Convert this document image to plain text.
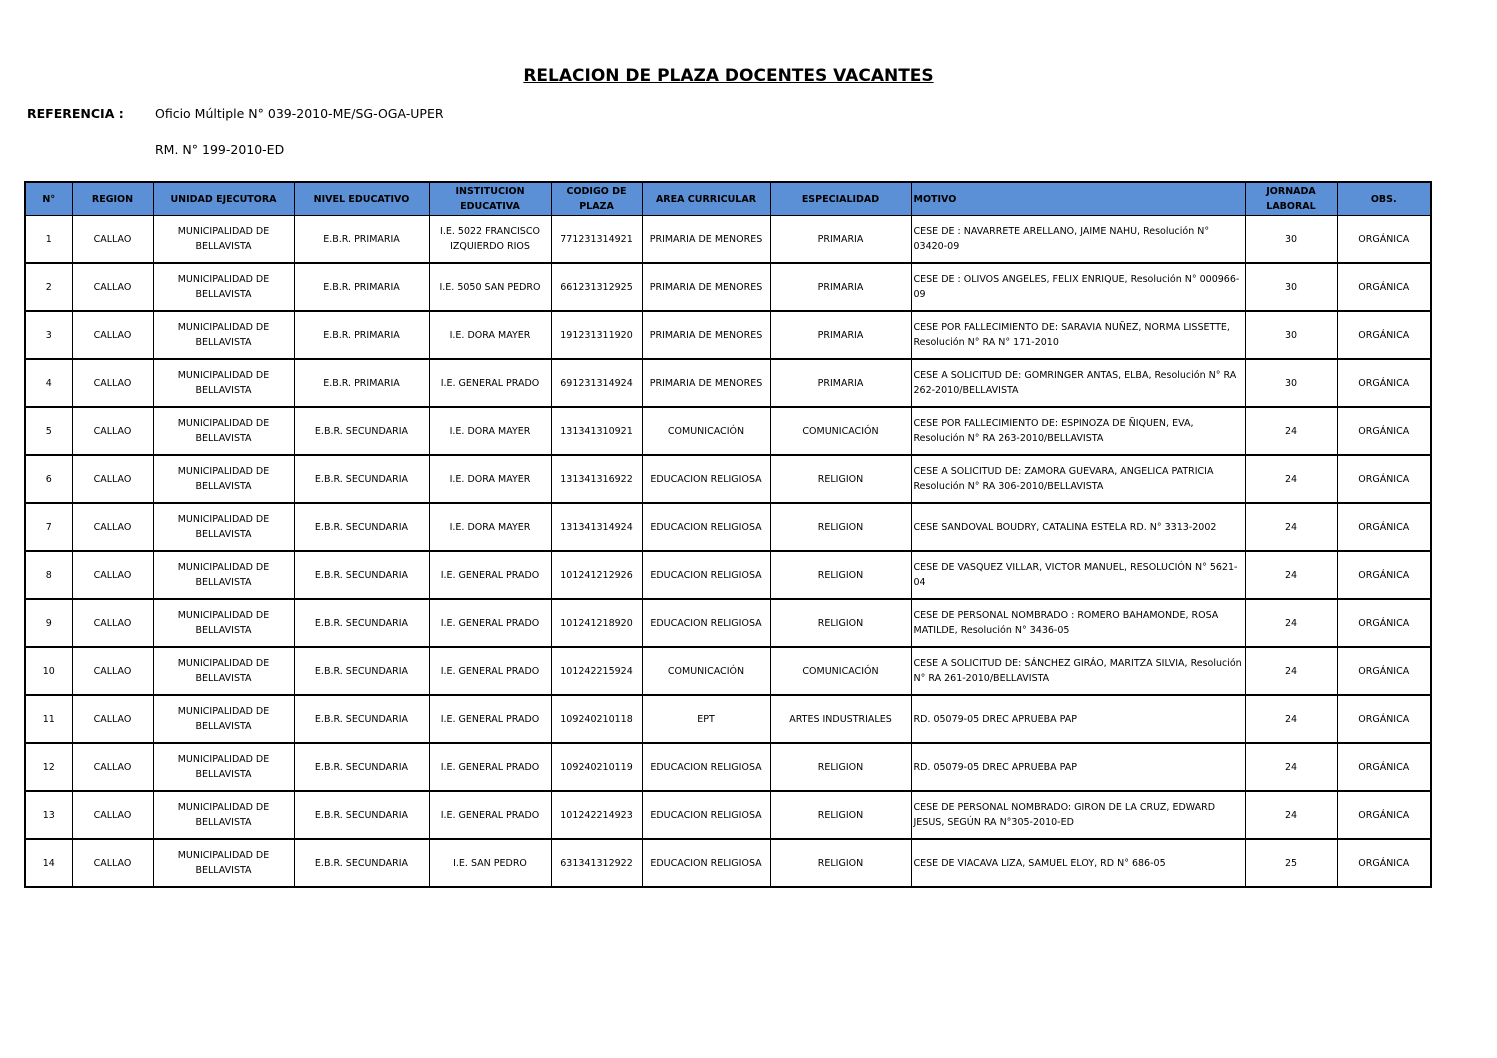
RELACION DE PLAZA DOCENTES VACANTES
REFERENCIA :	Oficio Múltiple N° 039-2010-ME/SG-OGA-UPER
RM. N° 199-2010-ED
N°	REGION	UNIDAD EJECUTORA	NIVEL EDUCATIVO	INSTITUCION EDUCATIVA	CODIGO DE PLAZA	AREA CURRICULAR	ESPECIALIDAD	MOTIVO	JORNADA LABORAL	OBS.
1	CALLAO	MUNICIPALIDAD DE BELLAVISTA	E.B.R. PRIMARIA	I.E. 5022 FRANCISCO IZQUIERDO RIOS	771231314921	PRIMARIA DE MENORES	PRIMARIA	CESE DE : NAVARRETE ARELLANO, JAIME NAHU, Resolución N° 03420-09	30	ORGÁNICA
2	CALLAO	MUNICIPALIDAD DE BELLAVISTA	E.B.R. PRIMARIA	I.E. 5050 SAN PEDRO	661231312925	PRIMARIA DE MENORES	PRIMARIA	CESE DE : OLIVOS ANGELES, FELIX ENRIQUE, Resolución N° 000966-09	30	ORGÁNICA
3	CALLAO	MUNICIPALIDAD DE BELLAVISTA	E.B.R. PRIMARIA	I.E. DORA MAYER	191231311920	PRIMARIA DE MENORES	PRIMARIA	CESE POR FALLECIMIENTO DE: SARAVIA NUÑEZ, NORMA LISSETTE, Resolución N° RA N° 171-2010	30	ORGÁNICA
4	CALLAO	MUNICIPALIDAD DE BELLAVISTA	E.B.R. PRIMARIA	I.E. GENERAL PRADO	691231314924	PRIMARIA DE MENORES	PRIMARIA	CESE A SOLICITUD DE: GOMRINGER ANTAS, ELBA, Resolución N° RA 262-2010/BELLAVISTA	30	ORGÁNICA
5	CALLAO	MUNICIPALIDAD DE BELLAVISTA	E.B.R. SECUNDARIA	I.E. DORA MAYER	131341310921	COMUNICACIÓN	COMUNICACIÓN	CESE POR FALLECIMIENTO DE: ESPINOZA DE ÑIQUEN, EVA, Resolución N° RA 263-2010/BELLAVISTA	24	ORGÁNICA
6	CALLAO	MUNICIPALIDAD DE BELLAVISTA	E.B.R. SECUNDARIA	I.E. DORA MAYER	131341316922	EDUCACION RELIGIOSA	RELIGION	CESE A SOLICITUD DE: ZAMORA GUEVARA, ANGELICA PATRICIA Resolución N° RA 306-2010/BELLAVISTA	24	ORGÁNICA
7	CALLAO	MUNICIPALIDAD DE BELLAVISTA	E.B.R. SECUNDARIA	I.E. DORA MAYER	131341314924	EDUCACION RELIGIOSA	RELIGION	CESE SANDOVAL BOUDRY, CATALINA ESTELA RD. N° 3313-2002	24	ORGÁNICA
8	CALLAO	MUNICIPALIDAD DE BELLAVISTA	E.B.R. SECUNDARIA	I.E. GENERAL PRADO	101241212926	EDUCACION RELIGIOSA	RELIGION	CESE DE VASQUEZ VILLAR, VICTOR MANUEL, RESOLUCIÓN N° 5621-04	24	ORGÁNICA
9	CALLAO	MUNICIPALIDAD DE BELLAVISTA	E.B.R. SECUNDARIA	I.E. GENERAL PRADO	101241218920	EDUCACION RELIGIOSA	RELIGION	CESE DE PERSONAL NOMBRADO : ROMERO BAHAMONDE, ROSA MATILDE, Resolución N° 3436-05	24	ORGÁNICA
10	CALLAO	MUNICIPALIDAD DE BELLAVISTA	E.B.R. SECUNDARIA	I.E. GENERAL PRADO	101242215924	COMUNICACIÓN	COMUNICACIÓN	CESE A SOLICITUD DE: SÁNCHEZ GIRÁO, MARITZA SILVIA, Resolución N° RA 261-2010/BELLAVISTA	24	ORGÁNICA
11	CALLAO	MUNICIPALIDAD DE BELLAVISTA	E.B.R. SECUNDARIA	I.E. GENERAL PRADO	109240210118	EPT	ARTES INDUSTRIALES	RD. 05079-05 DREC APRUEBA PAP	24	ORGÁNICA
12	CALLAO	MUNICIPALIDAD DE BELLAVISTA	E.B.R. SECUNDARIA	I.E. GENERAL PRADO	109240210119	EDUCACION RELIGIOSA	RELIGION	RD. 05079-05 DREC APRUEBA PAP	24	ORGÁNICA
13	CALLAO	MUNICIPALIDAD DE BELLAVISTA	E.B.R. SECUNDARIA	I.E. GENERAL PRADO	101242214923	EDUCACION RELIGIOSA	RELIGION	CESE DE PERSONAL NOMBRADO: GIRON DE LA CRUZ, EDWARD JESUS, SEGÚN RA N°305-2010-ED	24	ORGÁNICA
14	CALLAO	MUNICIPALIDAD DE BELLAVISTA	E.B.R. SECUNDARIA	I.E. SAN PEDRO	631341312922	EDUCACION RELIGIOSA	RELIGION	CESE DE VIACAVA LIZA, SAMUEL ELOY, RD N° 686-05	25	ORGÁNICA
